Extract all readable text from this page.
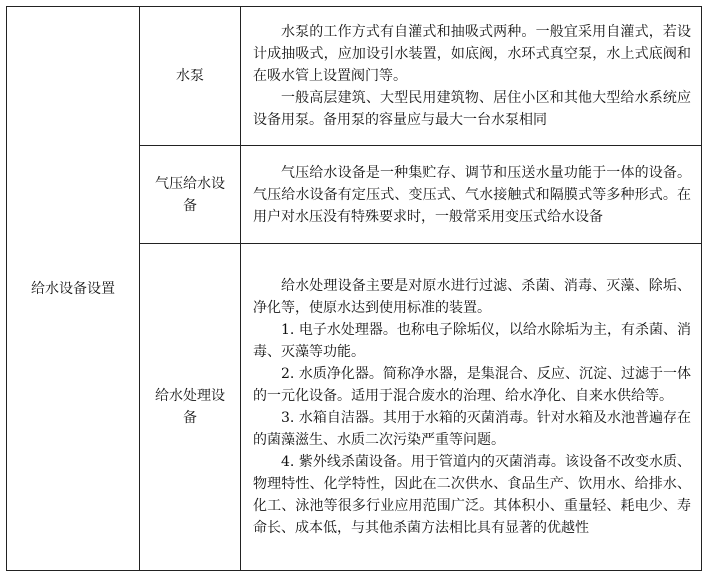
给水设备设置	水泵	水泵的工作方式有自灌式和抽吸式两种。一般宜采用自灌式，若设计成抽吸式，应加设引水装置，如底阀，水环式真空泵，水上式底阀和在吸水管上设置阀门等。

一般高层建筑、大型民用建筑物、居住小区和其他大型给水系统应设备用泵。备用泵的容量应与最大一台水泵相同

	气压给水设备	气压给水设备是一种集贮存、调节和压送水量功能于一体的设备。气压给水设备有定压式、变压式、气水接触式和隔膜式等多种形式。在用户对水压没有特殊要求时，一般常采用变压式给水设备

	给水处理设备	给水处理设备主要是对原水进行过滤、杀菌、消毒、灭藻、除垢、净化等，使原水达到使用标准的装置。

1. 电子水处理器。也称电子除垢仪，以给水除垢为主，有杀菌、消毒、灭藻等功能。

2. 水质净化器。简称净水器，是集混合、反应、沉淀、过滤于一体的一元化设备。适用于混合废水的治理、给水净化、自来水供给等。

3. 水箱自洁器。其用于水箱的灭菌消毒。针对水箱及水池普遍存在的菌藻滋生、水质二次污染严重等问题。

4. 紫外线杀菌设备。用于管道内的灭菌消毒。该设备不改变水质、物理特性、化学特性，因此在二次供水、食品生产、饮用水、给排水、化工、泳池等很多行业应用范围广泛。其体积小、重量轻、耗电少、寿命长、成本低，与其他杀菌方法相比具有显著的优越性
